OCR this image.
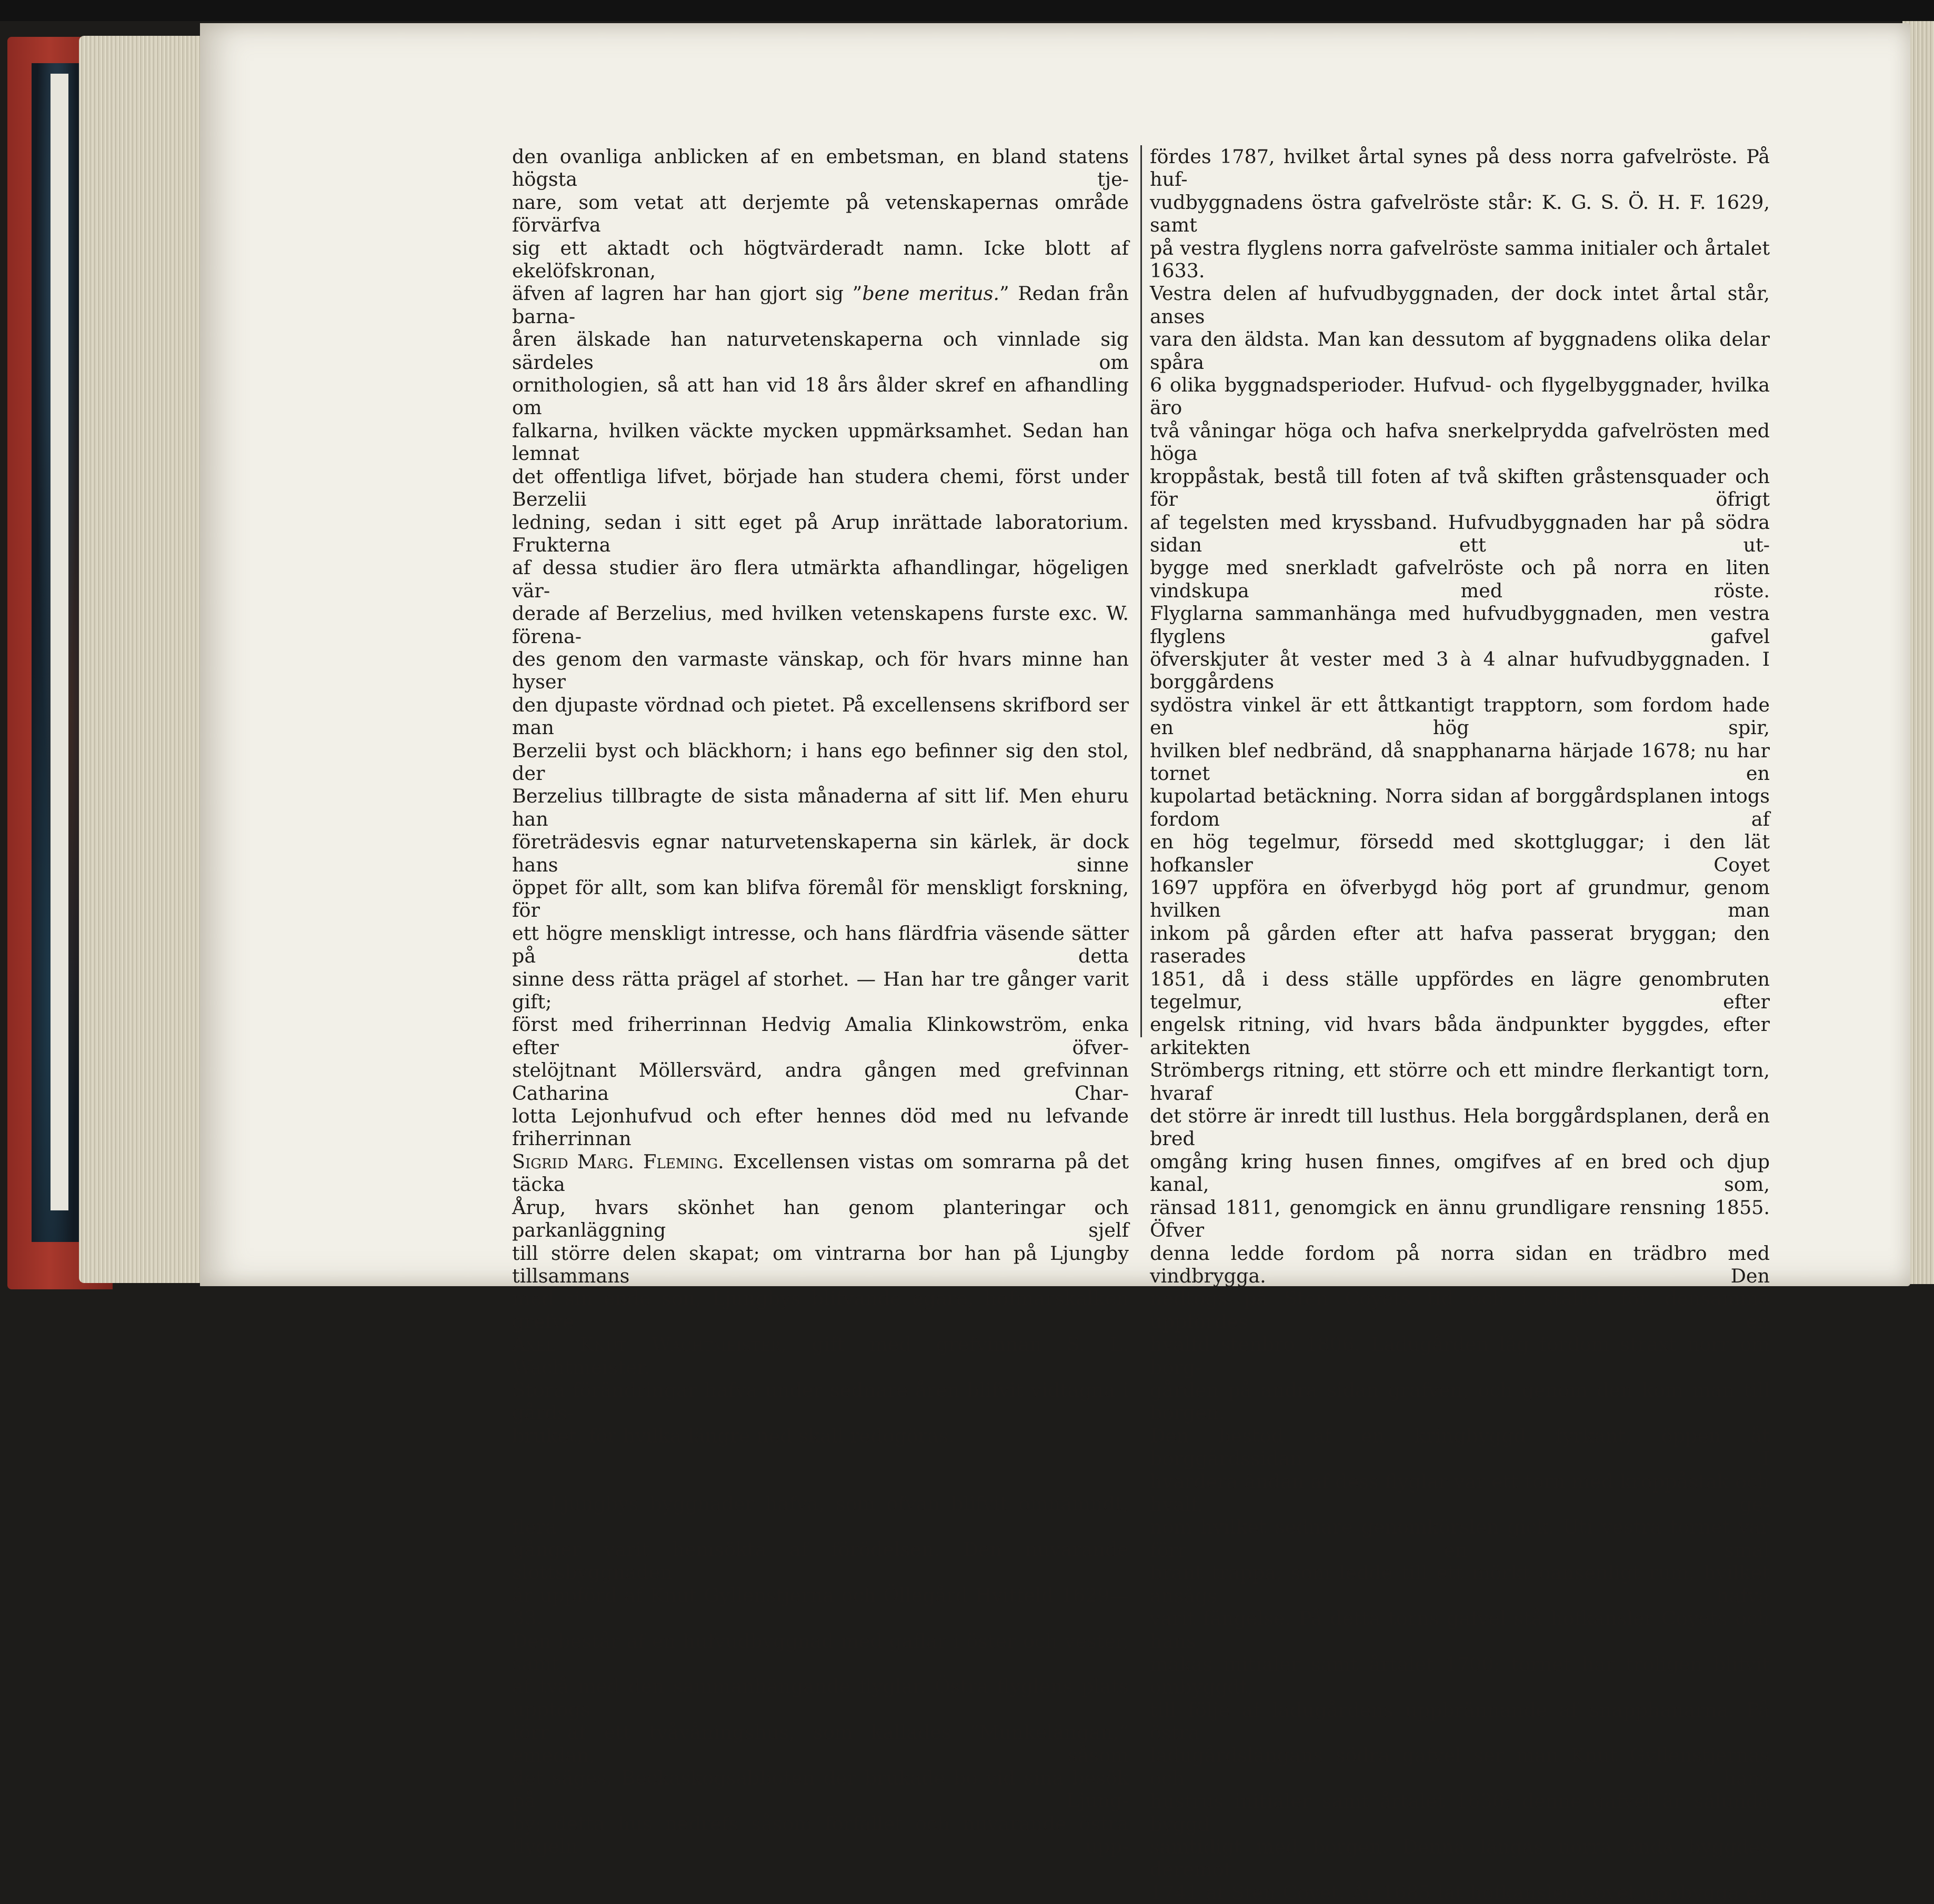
den ovanliga anblicken af en embetsman, en bland statens högsta tje-

nare, som vetat att derjemte på vetenskapernas område förvärfva

sig ett aktadt och högtvärderadt namn. Icke blott af ekelöfskronan,

äfven af lagren har han gjort sig ”bene meritus.” Redan från barna-

åren älskade han naturvetenskaperna och vinnlade sig särdeles om

ornithologien, så att han vid 18 års ålder skref en afhandling om

falkarna, hvilken väckte mycken uppmärksamhet. Sedan han lemnat

det offentliga lifvet, började han studera chemi, först under Berzelii

ledning, sedan i sitt eget på Arup inrättade laboratorium. Frukterna

af dessa studier äro flera utmärkta afhandlingar, högeligen vär-

derade af Berzelius, med hvilken vetenskapens furste exc. W. förena-

des genom den varmaste vänskap, och för hvars minne han hyser

den djupaste vördnad och pietet. På excellensens skrifbord ser man

Berzelii byst och bläckhorn; i hans ego befinner sig den stol, der

Berzelius tillbragte de sista månaderna af sitt lif. Men ehuru han

företrädesvis egnar naturvetenskaperna sin kärlek, är dock hans sinne

öppet för allt, som kan blifva föremål för menskligt forskning, för

ett högre menskligt intresse, och hans flärdfria väsende sätter på detta

sinne dess rätta prägel af storhet. — Han har tre gånger varit gift;

först med friherrinnan Hedvig Amalia Klinkowström, enka efter öfver-

stelöjtnant Möllersvärd, andra gången med grefvinnan Catharina Char-

lotta Lejonhufvud och efter hennes död med nu lefvande friherrinnan

Sigrid Marg. Fleming. Excellensen vistas om somrarna på det täcka

Årup, hvars skönhet han genom planteringar och parkanläggning sjelf

till större delen skapat; om vintrarna bor han på Ljungby tillsammans

med sin ende son, Ljungbys blifvande egare, hofmarskalken grefve

Axel Knut Wachtmeister, gift med grefvinnan S. L. Wachtmeister.

Stora förändringar hafva under sednare åren blifvit vidtagna i gårds-

bruket, för hvilka längre ned skall redogöras.

Ljungbys byggnader hafva, som ofvan blifvit omnämndt, flera

gånger varit hemsökta af förödelsen. Den nuvarande slottsbyggnaden

är uppförd af Knut Gyllenstjerna och Öllegård Hvitfeld 1629—33.

Den består af en hufvudbyggnad med gaflar i öster och vester, samt

af två med den sammanhängande flyglar. Östra flyglens plats upptogs

förr af ett tvåvåningshus, som kallades ”Munkelängan,” emedan, såsom

det säges, Beckaskogsabboten der brukade bo vid sina besök på Ljung-

by; detta hus nedrefs såsom förfallet och nuvarande östra flygeln upp-

fördes 1787, hvilket årtal synes på dess norra gafvelröste. På huf-

vudbyggnadens östra gafvelröste står: K. G. S. Ö. H. F. 1629, samt

på vestra flyglens norra gafvelröste samma initialer och årtalet 1633.

Vestra delen af hufvudbyggnaden, der dock intet årtal står, anses

vara den äldsta. Man kan dessutom af byggnadens olika delar spåra

6 olika byggnadsperioder. Hufvud- och flygelbyggnader, hvilka äro

två våningar höga och hafva snerkelprydda gafvelrösten med höga

kroppåstak, bestå till foten af två skiften gråstensquader och för öfrigt

af tegelsten med kryssband. Hufvudbyggnaden har på södra sidan ett ut-

bygge med snerkladt gafvelröste och på norra en liten vindskupa med röste.

Flyglarna sammanhänga med hufvudbyggnaden, men vestra flyglens gafvel

öfverskjuter åt vester med 3 à 4 alnar hufvudbyggnaden. I borggårdens

sydöstra vinkel är ett åttkantigt trapptorn, som fordom hade en hög spir,

hvilken blef nedbränd, då snapphanarna härjade 1678; nu har tornet en

kupolartad betäckning. Norra sidan af borggårdsplanen intogs fordom af

en hög tegelmur, försedd med skottgluggar; i den lät hofkansler Coyet

1697 uppföra en öfverbygd hög port af grundmur, genom hvilken man

inkom på gården efter att hafva passerat bryggan; den raserades

1851, då i dess ställe uppfördes en lägre genombruten tegelmur, efter

engelsk ritning, vid hvars båda ändpunkter byggdes, efter arkitekten

Strömbergs ritning, ett större och ett mindre flerkantigt torn, hvaraf

det större är inredt till lusthus. Hela borggårdsplanen, derå en bred

omgång kring husen finnes, omgifves af en bred och djup kanal, som,

ränsad 1811, genomgick en ännu grundligare rensning 1855. Öfver

denna ledde fordom på norra sidan en trädbro med vindbrygga. Den

nedtogs på Sten Coyets tid och i stället för densamma uppfördes en

hvälfd stenbro 1806. Ladugården låg fordom straxt norr om borg-

gården på andra sidan grafven, och genom den kom man till borgen.

Den bestod af en kringbyggd fyrkant, öppen åt borggårdssidan. I

hvardera ändan af dess flyglar var ett torn med kroppåstak och hvalf, ge-

nom hvilket sednare genomkörslen gick. Uti vestra tornet var förr en smal

brant trappa, som ledde till ett mörkt oansenligt rum, hvilket ansågs hafva

varit fängelse. På detta torns gafvel stå hofkansler Coyets och hans

makas initialer samt årtalet 1700; tornet har troligen blifvit ombyggdt,

till följe af ladugårdens uppbrännande af snapphanarna. På östra

ladugårdslängans södra gafvel ser man Knut Gyllenstjernas och hans

hustrus initialer samt årtalet 1636; denne gafvel är sålunda byggd

samtidigt med borgen. Denna längas norra ända byggdes deremot

1741 af Sten Coyet. År 1685 lät hofkansler Coyet uppbygga en
